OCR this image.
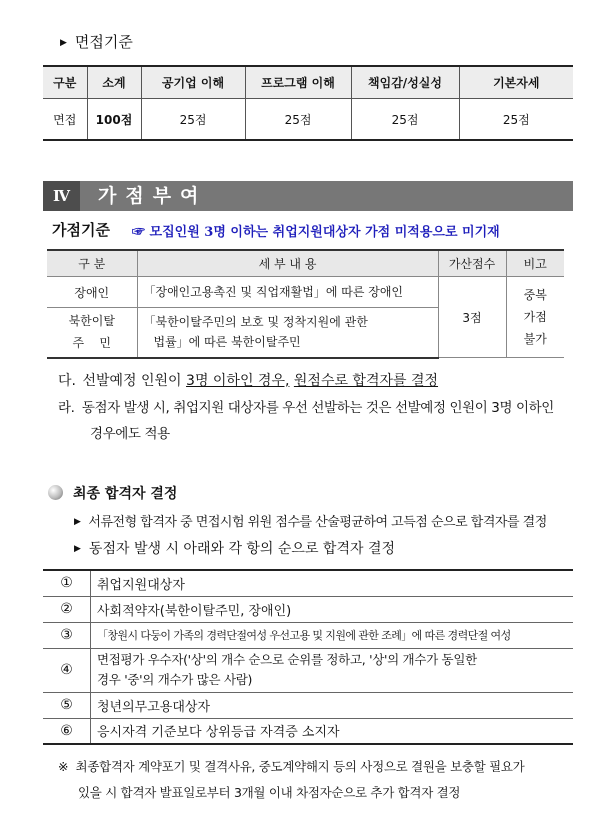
▶ 면접기준
구분	소계	공기업 이해	프로그램 이해	책임감/성실성	기본자세
면접	100점	25점	25점	25점	25점
Ⅳ	가점부여
가점기준 ☞ 모집인원 3명 이하는 취업지원대상자 가점 미적용으로 미기재
구 분	세 부 내 용	가산점수	비고
장애인	「장애인고용촉진 및 직업재활법」에 따른 장애인	3점	중복
가점
불가
북한이탈
주    민	「북한이탈주민의 보호 및 정착지원에 관한
법률」에 따른 북한이탈주민		
다. 선발예정 인원이 3명 이하인 경우, 원점수로 합격자를 결정
라. 동점자 발생 시, 취업지원 대상자를 우선 선발하는 것은 선발예정 인원이 3명 이하인
경우에도 적용
최종 합격자 결정
▶ 서류전형 합격자 중 면접시험 위원 점수를 산술평균하여 고득점 순으로 합격자를 결정
▶ 동점자 발생 시 아래와 각 항의 순으로 합격자 결정
①	취업지원대상자
②	사회적약자(북한이탈주민, 장애인)
③	「창원시 다둥이 가족의 경력단절여성 우선고용 및 지원에 관한 조례」에 따른 경력단절 여성
④	면접평가 우수자('상'의 개수 순으로 순위를 정하고, '상'의 개수가 동일한
경우 '중'의 개수가 많은 사람)
⑤	청년의무고용대상자
⑥	응시자격 기준보다 상위등급 자격증 소지자
※ 최종합격자 계약포기 및 결격사유, 중도계약해지 등의 사정으로 결원을 보충할 필요가
있을 시 합격자 발표일로부터 3개월 이내 차점자순으로 추가 합격자 결정
